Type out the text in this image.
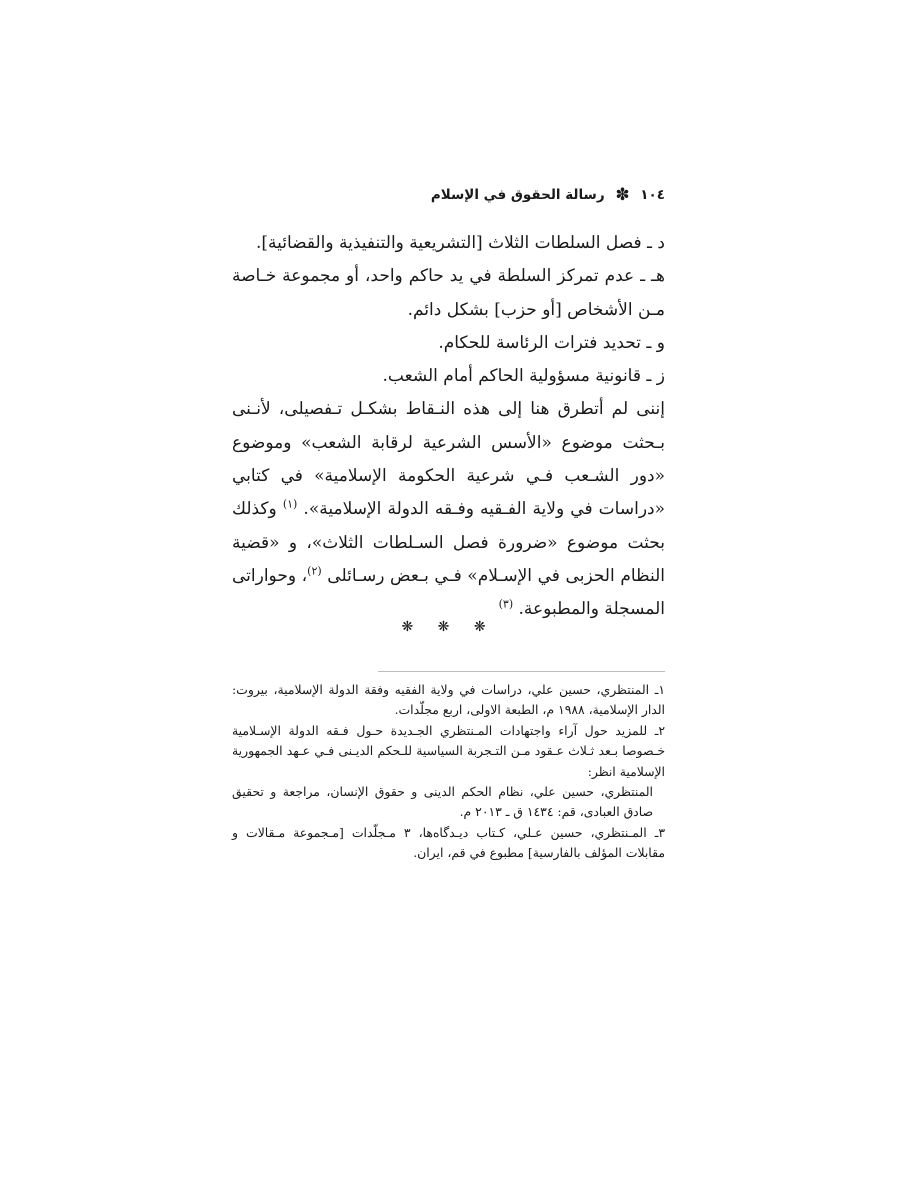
١٠٤ ✽ رسالة الحقوق في الإسلام

د ـ فصل السلطات الثلاث [التشريعية والتنفيذية والقضائية].

هـ ـ عدم تمركز السلطة في يد حاكم واحد، أو مجموعة خـاصة مـن الأشخاص [أو حزب] بشكل دائم.

و ـ تحديد فترات الرئاسة للحكام.

ز ـ قانونية مسؤولية الحاكم أمام الشعب.

إننى لم أتطرق هنا إلى هذه النـقاط بشكـل تـفصيلى، لأنـنى بـحثت موضوع «الأسس الشرعية لرقابة الشعب» وموضوع «دور الشـعب فـي شرعية الحكومة الإسلامية» في كتابي «دراسات في ولاية الفـقيه وفـقه الدولة الإسلامية». $^{(١)}$ وكذلك بحثت موضوع «ضرورة فصل السـلطات الثلاث»، و «قضية النظام الحزبى في الإسـلام» فـي بـعض رسـائلى $^{(٢)}$، وحواراتى المسجلة والمطبوعة. $^{(٣)}$

❋ ❋ ❋

١ـ المنتظري، حسين علي، دراسات في ولاية الفقيه وفقة الدولة الإسلامية، بيروت: الدار الإسلامية، ١٩٨٨ م، الطبعة الاولى، اربع مجلّدات.

٢ـ للمزيد حول آراء واجتهادات المـنتظري الجـديدة حـول فـقه الدولة الإسـلامية خـصوصا بـعد ثـلاث عـقود مـن التـجربة السياسية للـحكم الديـنى فـي عـهد الجمهورية الإسلامية انظر:

المنتظري، حسين علي، نظام الحكم الدينى و حقوق الإنسان، مراجعة و تحقيق صادق العبادى، قم: ١٤٣٤ ق ـ ٢٠١٣ م.

٣ـ المـنتظري، حسين عـلي، كـتاب ديـدگاه‌ها، ٣ مـجلّدات [مـجموعة مـقالات و مقابلات المؤلف بالفارسية] مطبوع في قم، ايران.
